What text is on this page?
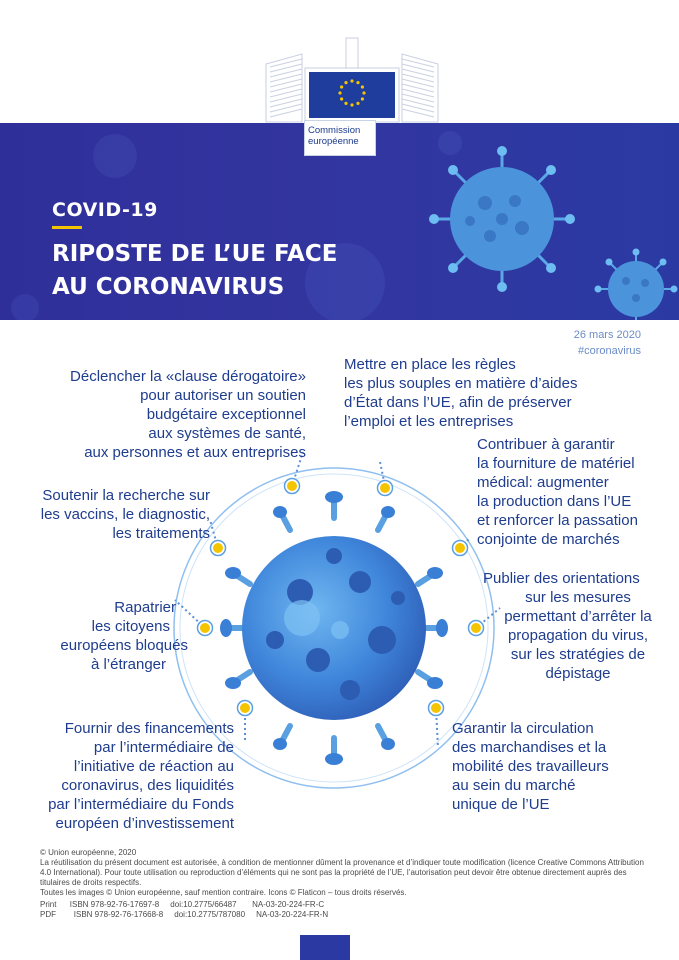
COVID-19
RIPOSTE DE L’UE FACE
AU CORONAVIRUS
Commission
européenne
26 mars 2020
#coronavirus
Déclencher la «clause dérogatoire»
pour autoriser un soutien
budgétaire exceptionnel
aux systèmes de santé,
aux personnes et aux entreprises
Mettre en place les règles
les plus souples en matière d’aides
d’État dans l’UE, afin de préserver
l’emploi et les entreprises
Contribuer à garantir
la fourniture de matériel
médical: augmenter
la production dans l’UE
et renforcer la passation
conjointe de marchés
Soutenir la recherche sur
les vaccins, le diagnostic,
les traitements
Publier des orientations
sur les mesures
permettant d’arrêter la
propagation du virus,
sur les stratégies de
dépistage
Rapatrier
les citoyens
européens bloqués
à l’étranger
Garantir la circulation
des marchandises et la
mobilité des travailleurs
au sein du marché
unique de l’UE
Fournir des financements
par l’intermédiaire de
l’initiative de réaction au
coronavirus, des liquidités
par l’intermédiaire du Fonds
européen d’investissement
© Union européenne, 2020
La réutilisation du présent document est autorisée, à condition de mentionner dûment la provenance et d’indiquer toute modification (licence Creative Commons Attribution 4.0 International). Pour toute utilisation ou reproduction d’éléments qui ne sont pas la propriété de l’UE, l’autorisation peut devoir être obtenue directement auprès des titulaires de droits respectifs.
Toutes les images © Union européenne, sauf mention contraire. Icons © Flaticon – tous droits réservés.
Print      ISBN 978-92-76-17697-8     doi:10.2775/66487       NA-03-20-224-FR-C
PDF        ISBN 978-92-76-17668-8     doi:10.2775/787080     NA-03-20-224-FR-N
